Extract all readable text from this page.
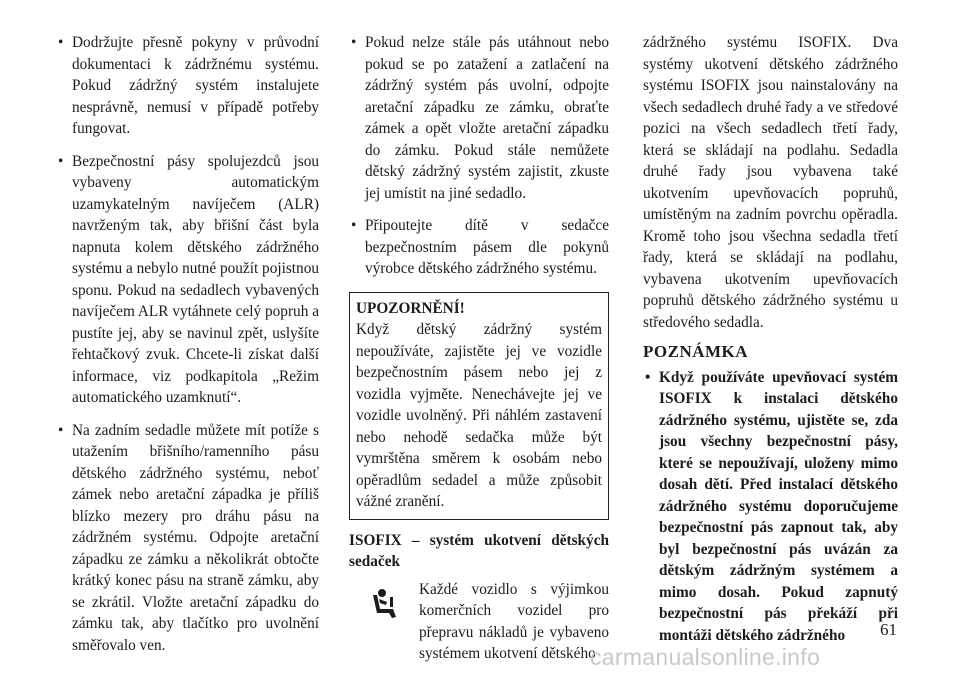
• Dodržujte přesně pokyny v průvodní dokumentaci k zádržnému systému. Pokud zádržný systém instalujete nesprávně, nemusí v případě potřeby fungovat.
• Bezpečnostní pásy spolujezdců jsou vybaveny automatickým uzamykatelným navíječem (ALR) navrženým tak, aby břišní část byla napnuta kolem dětského zádržného systému a nebylo nutné použít pojistnou sponu. Pokud na sedadlech vybavených navíječem ALR vytáhnete celý popruh a pustíte jej, aby se navinul zpět, uslyšíte řehtačkový zvuk. Chcete-li získat další informace, viz podkapitola „Režim automatického uzamknutí“.
• Na zadním sedadle můžete mít potíže s utažením břišního/ramenního pásu dětského zádržného systému, neboť zámek nebo aretační západka je příliš blízko mezery pro dráhu pásu na zádržném systému. Odpojte aretační západku ze zámku a několikrát obtočte krátký konec pásu na straně zámku, aby se zkrátil. Vložte aretační západku do zámku tak, aby tlačítko pro uvolnění směřovalo ven.
• Pokud nelze stále pás utáhnout nebo pokud se po zatažení a zatlačení na zádržný systém pás uvolní, odpojte aretační západku ze zámku, obraťte zámek a opět vložte aretační západku do zámku. Pokud stále nemůžete dětský zádržný systém zajistit, zkuste jej umístit na jiné sedadlo.
• Připoutejte dítě v sedačce bezpečnostním pásem dle pokynů výrobce dětského zádržného systému.
UPOZORNĚNÍ!
Když dětský zádržný systém nepoužíváte, zajistěte jej ve vozidle bezpečnostním pásem nebo jej z vozidla vyjměte. Nenechávejte jej ve vozidle uvolněný. Při náhlém zastavení nebo nehodě sedačka může být vymrštěna směrem k osobám nebo opěradlům sedadel a může způsobit vážné zranění.
ISOFIX – systém ukotvení dětských sedaček
Každé vozidlo s výjimkou komerčních vozidel pro přepravu nákladů je vybaveno systémem ukotvení dětského

zádržného systému ISOFIX. Dva systémy ukotvení dětského zádržného systému ISOFIX jsou nainstalovány na všech sedadlech druhé řady a ve středové pozici na všech sedadlech třetí řady, která se skládají na podlahu. Sedadla druhé řady jsou vybavena také ukotvením upevňovacích popruhů, umístěným na zadním povrchu opěradla. Kromě toho jsou všechna sedadla třetí řady, která se skládají na podlahu, vybavena ukotvením upevňovacích popruhů dětského zádržného systému u středového sedadla.

POZNÁMKA
• Když používáte upevňovací systém ISOFIX k instalaci dětského zádržného systému, ujistěte se, zda jsou všechny bezpečnostní pásy, které se nepoužívají, uloženy mimo dosah dětí. Před instalací dětského zádržného systému doporučujeme bezpečnostní pás zapnout tak, aby byl bezpečnostní pás uvázán za dětským zádržným systémem a mimo dosah. Pokud zapnutý bezpečnostní pás překáží při montáži dětského zádržného	61
carmanualsonline.info
